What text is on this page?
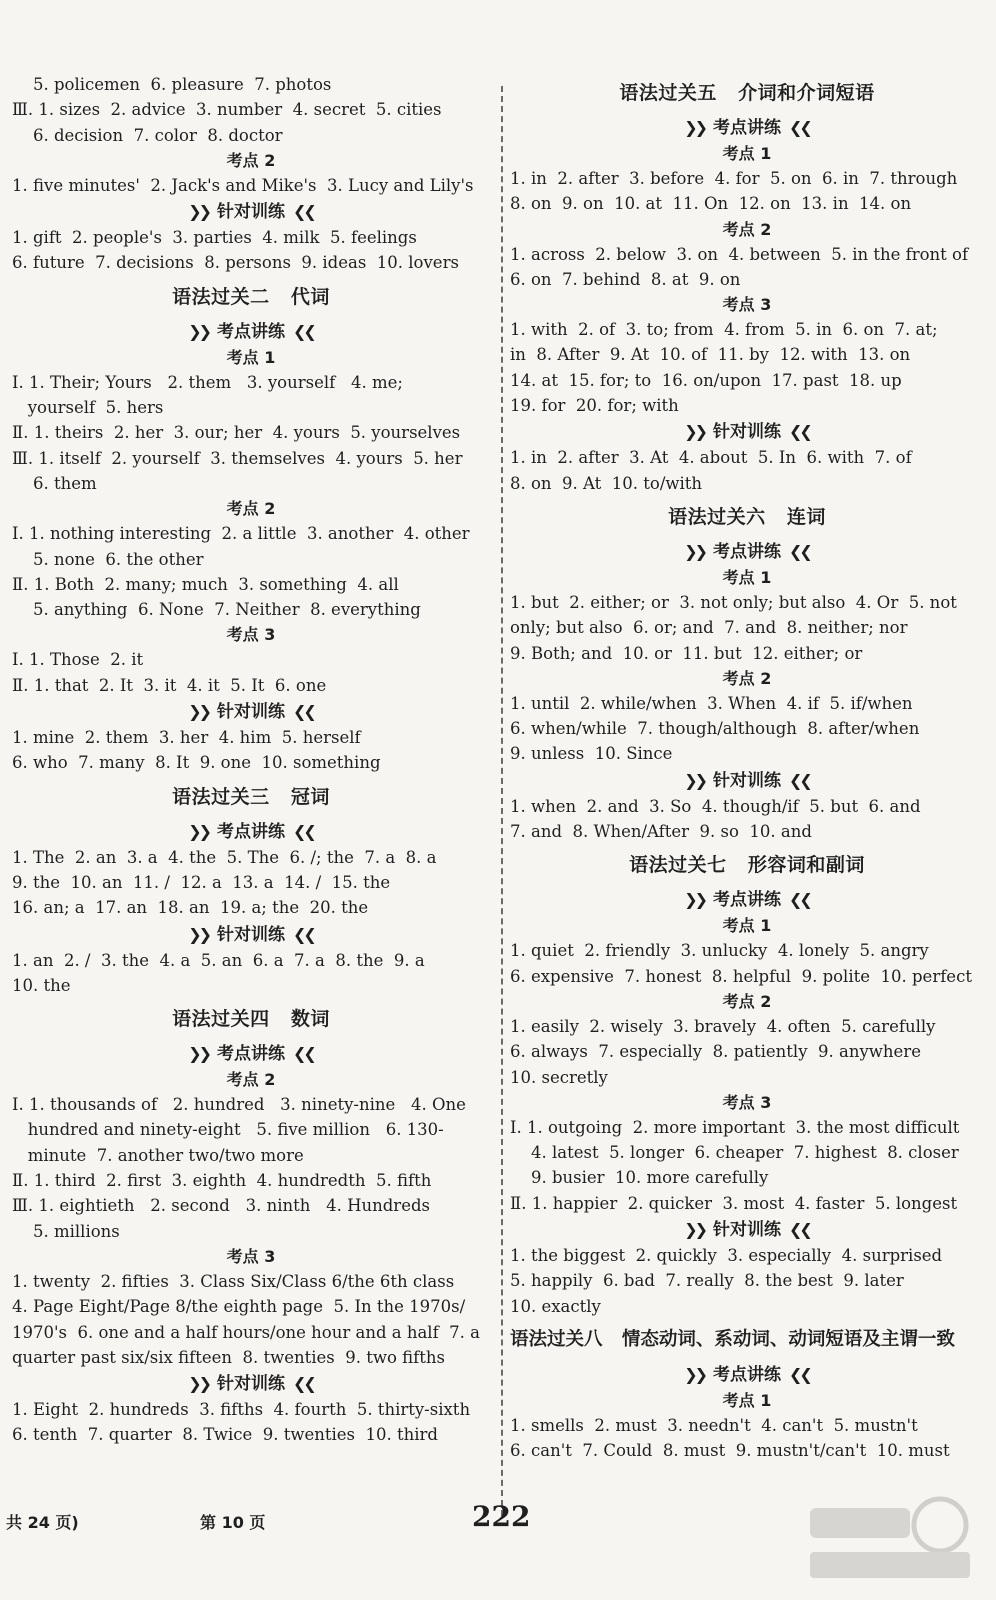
5. policemen  6. pleasure  7. photos
Ⅲ. 1. sizes  2. advice  3. number  4. secret  5. cities
6. decision  7. color  8. doctor
考点 2
1. five minutes'  2. Jack's and Mike's  3. Lucy and Lily's
❯❯ 针对训练 ❮❮
1. gift  2. people's  3. parties  4. milk  5. feelings
6. future  7. decisions  8. persons  9. ideas  10. lovers
语法过关二   代词
❯❯ 考点讲练 ❮❮
考点 1
Ⅰ. 1. Their; Yours   2. them   3. yourself   4. me;
yourself  5. hers
Ⅱ. 1. theirs  2. her  3. our; her  4. yours  5. yourselves
Ⅲ. 1. itself  2. yourself  3. themselves  4. yours  5. her
6. them
考点 2
Ⅰ. 1. nothing interesting  2. a little  3. another  4. other
5. none  6. the other
Ⅱ. 1. Both  2. many; much  3. something  4. all
5. anything  6. None  7. Neither  8. everything
考点 3
Ⅰ. 1. Those  2. it
Ⅱ. 1. that  2. It  3. it  4. it  5. It  6. one
❯❯ 针对训练 ❮❮
1. mine  2. them  3. her  4. him  5. herself
6. who  7. many  8. It  9. one  10. something
语法过关三   冠词
❯❯ 考点讲练 ❮❮
1. The  2. an  3. a  4. the  5. The  6. /; the  7. a  8. a
9. the  10. an  11. /  12. a  13. a  14. /  15. the
16. an; a  17. an  18. an  19. a; the  20. the
❯❯ 针对训练 ❮❮
1. an  2. /  3. the  4. a  5. an  6. a  7. a  8. the  9. a
10. the
语法过关四   数词
❯❯ 考点讲练 ❮❮
考点 2
Ⅰ. 1. thousands of   2. hundred   3. ninety-nine   4. One
hundred and ninety-eight   5. five million   6. 130-
minute  7. another two/two more
Ⅱ. 1. third  2. first  3. eighth  4. hundredth  5. fifth
Ⅲ. 1. eightieth   2. second   3. ninth   4. Hundreds
5. millions
考点 3
1. twenty  2. fifties  3. Class Six/Class 6/the 6th class
4. Page Eight/Page 8/the eighth page  5. In the 1970s/
1970's  6. one and a half hours/one hour and a half  7. a
quarter past six/six fifteen  8. twenties  9. two fifths
❯❯ 针对训练 ❮❮
1. Eight  2. hundreds  3. fifths  4. fourth  5. thirty-sixth
6. tenth  7. quarter  8. Twice  9. twenties  10. third
语法过关五   介词和介词短语
❯❯ 考点讲练 ❮❮
考点 1
1. in  2. after  3. before  4. for  5. on  6. in  7. through
8. on  9. on  10. at  11. On  12. on  13. in  14. on
考点 2
1. across  2. below  3. on  4. between  5. in the front of
6. on  7. behind  8. at  9. on
考点 3
1. with  2. of  3. to; from  4. from  5. in  6. on  7. at;
in  8. After  9. At  10. of  11. by  12. with  13. on
14. at  15. for; to  16. on/upon  17. past  18. up
19. for  20. for; with
❯❯ 针对训练 ❮❮
1. in  2. after  3. At  4. about  5. In  6. with  7. of
8. on  9. At  10. to/with
语法过关六   连词
❯❯ 考点讲练 ❮❮
考点 1
1. but  2. either; or  3. not only; but also  4. Or  5. not
only; but also  6. or; and  7. and  8. neither; nor
9. Both; and  10. or  11. but  12. either; or
考点 2
1. until  2. while/when  3. When  4. if  5. if/when
6. when/while  7. though/although  8. after/when
9. unless  10. Since
❯❯ 针对训练 ❮❮
1. when  2. and  3. So  4. though/if  5. but  6. and
7. and  8. When/After  9. so  10. and
语法过关七   形容词和副词
❯❯ 考点讲练 ❮❮
考点 1
1. quiet  2. friendly  3. unlucky  4. lonely  5. angry
6. expensive  7. honest  8. helpful  9. polite  10. perfect
考点 2
1. easily  2. wisely  3. bravely  4. often  5. carefully
6. always  7. especially  8. patiently  9. anywhere
10. secretly
考点 3
Ⅰ. 1. outgoing  2. more important  3. the most difficult
4. latest  5. longer  6. cheaper  7. highest  8. closer
9. busier  10. more carefully
Ⅱ. 1. happier  2. quicker  3. most  4. faster  5. longest
❯❯ 针对训练 ❮❮
1. the biggest  2. quickly  3. especially  4. surprised
5. happily  6. bad  7. really  8. the best  9. later
10. exactly
语法过关八   情态动词、系动词、动词短语及主谓一致
❯❯ 考点讲练 ❮❮
考点 1
1. smells  2. must  3. needn't  4. can't  5. mustn't
6. can't  7. Could  8. must  9. mustn't/can't  10. must
共 24 页)	第 10 页	222
